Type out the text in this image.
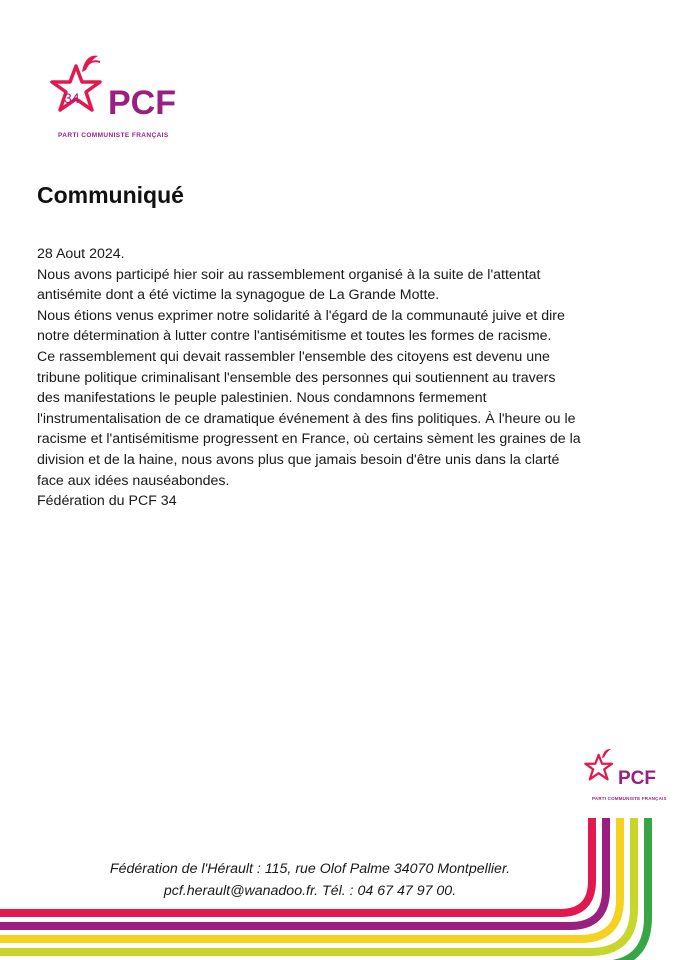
34 PCF
PARTI COMMUNISTE FRANÇAIS
Communiqué

28 Aout 2024.

Nous avons participé hier soir au rassemblement organisé à la suite de l'attentat

antisémite dont a été victime la synagogue de La Grande Motte.

Nous étions venus exprimer notre solidarité à l'égard de la communauté juive et dire

notre détermination à lutter contre l'antisémitisme et toutes les formes de racisme.

Ce rassemblement qui devait rassembler l'ensemble des citoyens est devenu une

tribune politique criminalisant l'ensemble des personnes qui soutiennent au travers

des manifestations le peuple palestinien. Nous condamnons fermement

l'instrumentalisation de ce dramatique événement à des fins politiques. À l'heure ou le

racisme et l'antisémitisme progressent en France, où certains sèment les graines de la

division et de la haine, nous avons plus que jamais besoin d'être unis dans la clarté

face aux idées nauséabondes.

Fédération du PCF 34

PCF
PARTI COMMUNISTE FRANÇAIS

Fédération de l'Hérault : 115, rue Olof Palme 34070 Montpellier.

pcf.herault@wanadoo.fr. Tél. : 04 67 47 97 00.
